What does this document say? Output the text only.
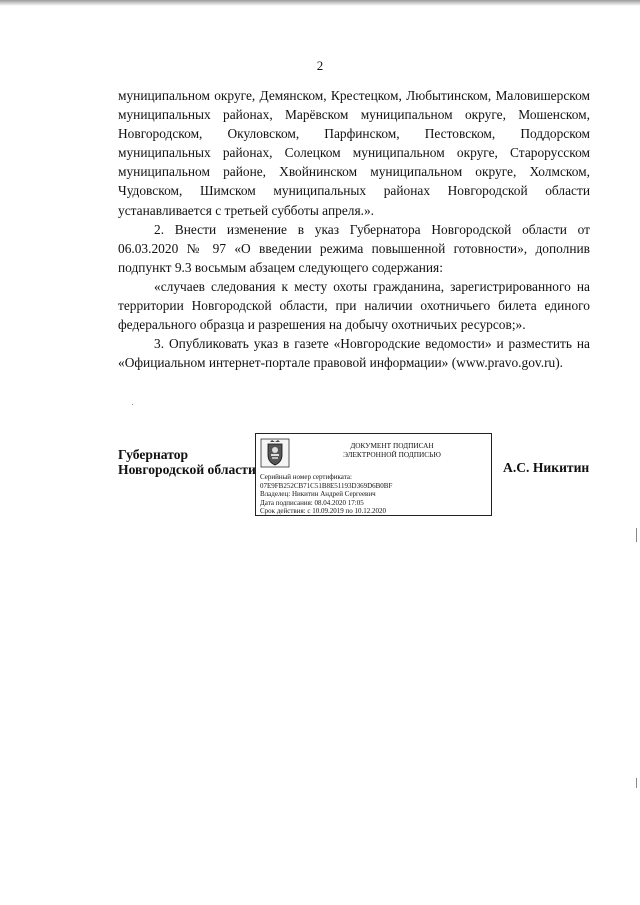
2

муниципальном округе, Демянском, Крестецком, Любытинском, Маловишерском муниципальных районах, Марёвском муниципальном округе, Мошенском, Новгородском, Окуловском, Парфинском, Пестовском, Поддорском муниципальных районах, Солецком муниципальном округе, Старорусском муниципальном районе, Хвойнинском муниципальном округе, Холмском, Чудовском, Шимском муниципальных районах Новгородской области устанавливается с третьей субботы апреля.».

2. Внести изменение в указ Губернатора Новгородской области от 06.03.2020 № 97 «О введении режима повышенной готовности», дополнив подпункт 9.3 восьмым абзацем следующего содержания:

«случаев следования к месту охоты гражданина, зарегистрированного на территории Новгородской области, при наличии охотничьего билета единого федерального образца и разрешения на добычу охотничьих ресурсов;».

3. Опубликовать указ в газете «Новгородские ведомости» и разместить на «Официальном интернет-портале правовой информации» (www.pravo.gov.ru).

Губернатор
Новгородской области
ДОКУМЕНТ ПОДПИСАН
ЭЛЕКТРОННОЙ ПОДПИСЬЮ
Серийный номер сертификата:
07E9FB252CB71C51B8E51193D369D6B0BF
Владелец: Никитин Андрей Сергеевич
Дата подписания: 08.04.2020 17:05
Срок действия: с 10.09.2019 по 10.12.2020
А.С. Никитин
